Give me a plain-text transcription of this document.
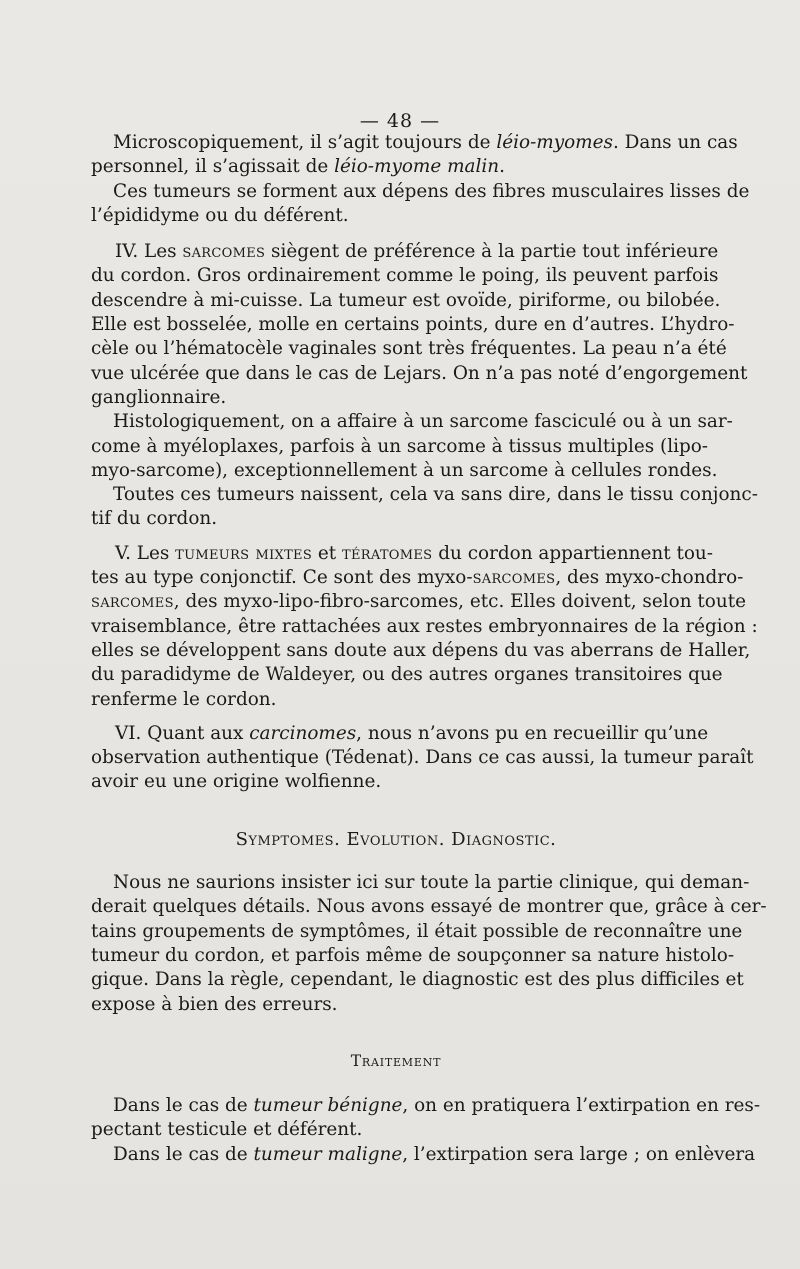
— 48 —
Microscopiquement, il s’agit toujours de léio-myomes. Dans un cas
personnel, il s’agissait de léio-myome malin.
Ces tumeurs se forment aux dépens des fibres musculaires lisses de
l’épididyme ou du déférent.
IV. Les sarcomes siègent de préférence à la partie tout inférieure
du cordon. Gros ordinairement comme le poing, ils peuvent parfois
descendre à mi-cuisse. La tumeur est ovoïde, piriforme, ou bilobée.
Elle est bosselée, molle en certains points, dure en d’autres. L’hydro-
cèle ou l’hématocèle vaginales sont très fréquentes. La peau n’a été
vue ulcérée que dans le cas de Lejars. On n’a pas noté d’engorgement
ganglionnaire.
Histologiquement, on a affaire à un sarcome fasciculé ou à un sar-
come à myéloplaxes, parfois à un sarcome à tissus multiples (lipo-
myo-sarcome), exceptionnellement à un sarcome à cellules rondes.
Toutes ces tumeurs naissent, cela va sans dire, dans le tissu conjonc-
tif du cordon.
V. Les tumeurs mixtes et tératomes du cordon appartiennent tou-
tes au type conjonctif. Ce sont des myxo-sarcomes, des myxo-chondro-
sarcomes, des myxo-lipo-fibro-sarcomes, etc. Elles doivent, selon toute
vraisemblance, être rattachées aux restes embryonnaires de la région :
elles se développent sans doute aux dépens du vas aberrans de Haller,
du paradidyme de Waldeyer, ou des autres organes transitoires que
renferme le cordon.
VI. Quant aux carcinomes, nous n’avons pu en recueillir qu’une
observation authentique (Tédenat). Dans ce cas aussi, la tumeur paraît
avoir eu une origine wolfienne.
Symptomes. Evolution. Diagnostic.
Nous ne saurions insister ici sur toute la partie clinique, qui deman-
derait quelques détails. Nous avons essayé de montrer que, grâce à cer-
tains groupements de symptômes, il était possible de reconnaître une
tumeur du cordon, et parfois même de soupçonner sa nature histolo-
gique. Dans la règle, cependant, le diagnostic est des plus difficiles et
expose à bien des erreurs.
Traitement
Dans le cas de tumeur bénigne, on en pratiquera l’extirpation en res-
pectant testicule et déférent.
Dans le cas de tumeur maligne, l’extirpation sera large ; on enlèvera
